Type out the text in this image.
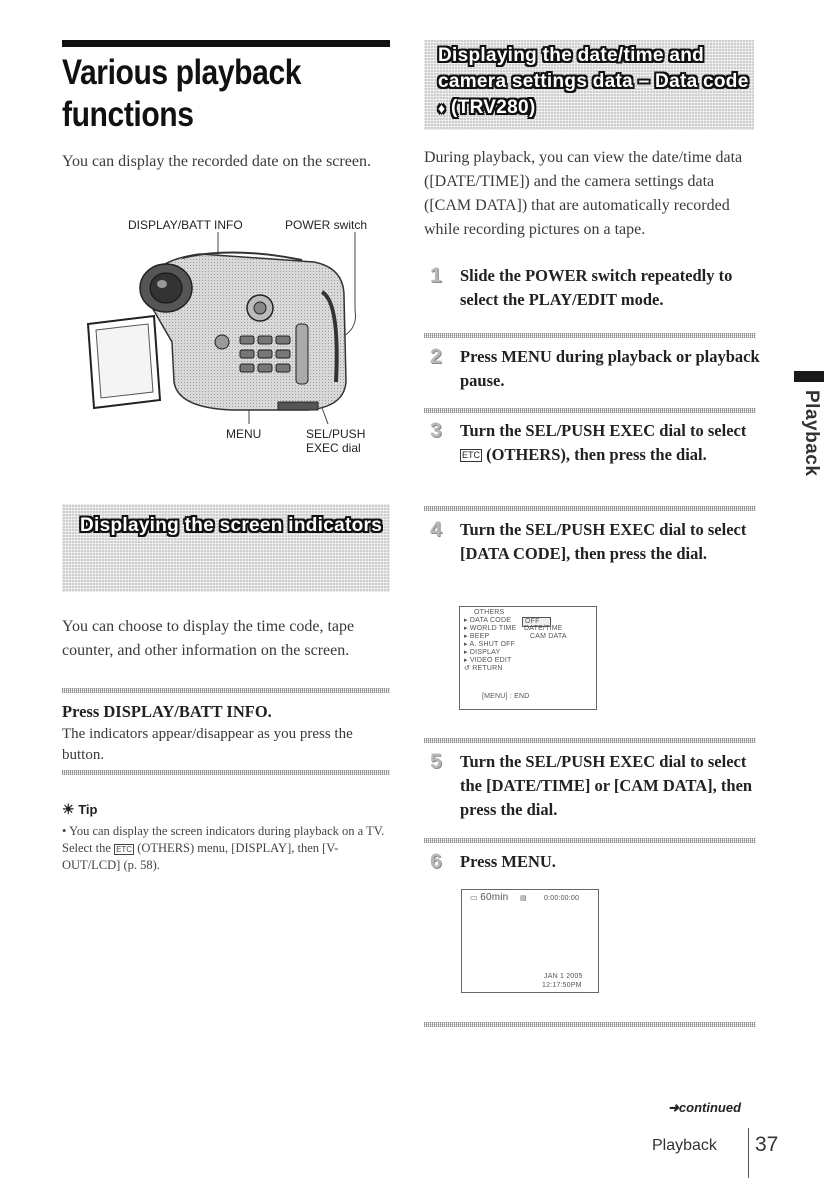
Various playback functions
You can display the recorded date on the screen.
DISPLAY/BATT INFO	POWER switch
MENU	SEL/PUSH
EXEC dial
Displaying the screen indicators
You can choose to display the time code, tape counter, and other information on the screen.
Press DISPLAY/BATT INFO.
The indicators appear/disappear as you press the button.
☀ Tip
• You can display the screen indicators during playback on a TV. Select the ETC (OTHERS) menu, [DISPLAY], then [V-OUT/LCD] (p. 58).
Displaying the date/time and
camera settings data – Data code
♦ (TRV280)
During playback, you can view the date/time data ([DATE/TIME]) and the camera settings data ([CAM DATA]) that are automatically recorded while recording pictures on a tape.
1 Slide the POWER switch repeatedly to select the PLAY/EDIT mode.
2 Press MENU during playback or playback pause.
3 Turn the SEL/PUSH EXEC dial to select ETC (OTHERS), then press the dial.
4 Turn the SEL/PUSH EXEC dial to select [DATA CODE], then press the dial.
OTHERS
▸ DATA CODE	OFF
▸ WORLD TIME DATE/TIME
▸ BEEP	CAM DATA
▸ A. SHUT OFF
▸ DISPLAY
▸ VIDEO EDIT
↺ RETURN
[MENU] : END
5 Turn the SEL/PUSH EXEC dial to select the [DATE/TIME] or [CAM DATA], then press the dial.
6 Press MENU.
▭ 60min ▤ 0:00:00:00
JAN 1 2005
12:17:50PM
Playback
➜continued
Playback 37
